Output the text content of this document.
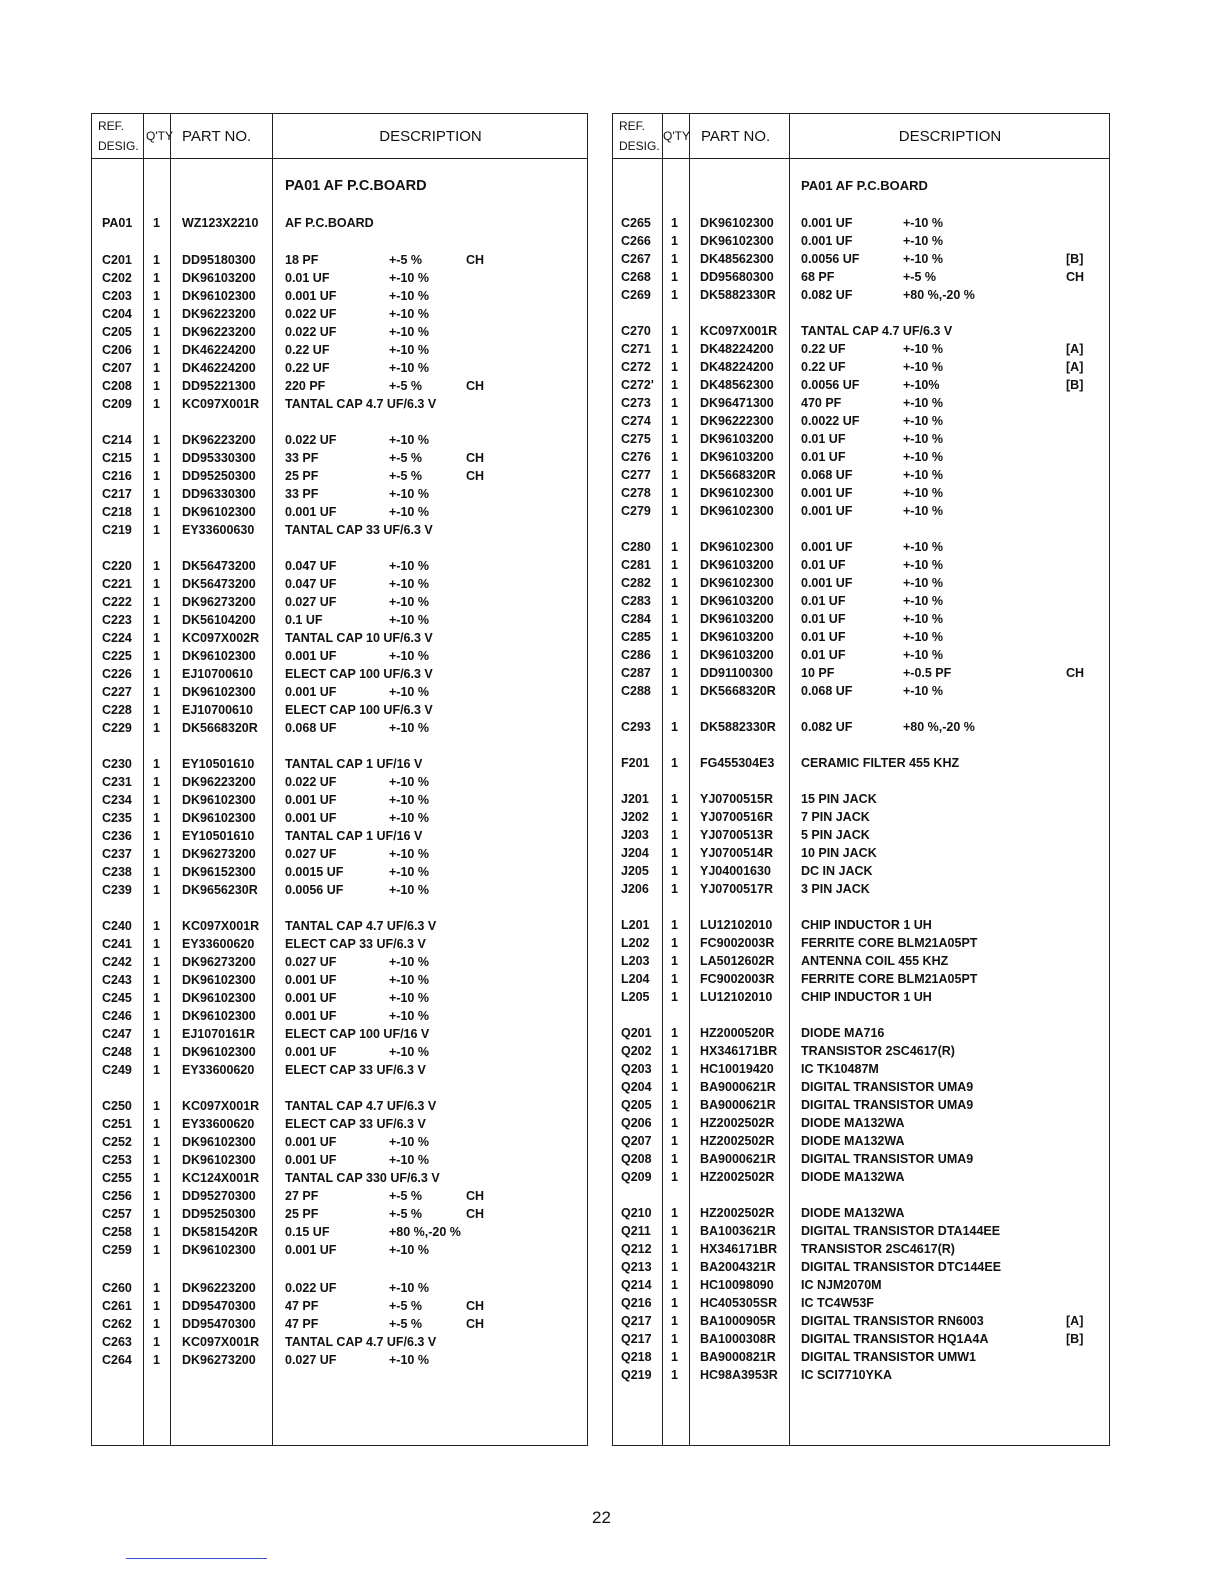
REF.
DESIG.
Q'TY PART NO.	DESCRIPTION
PA01 AF P.C.BOARD
PA01 1 WZ123X2210 AF P.C.BOARD
C201 1 DD95180300 18 PF	+-5 %	CH
C202 1 DK96103200 0.01 UF	+-10 %
C203 1 DK96102300 0.001 UF	+-10 %
C204 1 DK96223200 0.022 UF	+-10 %
C205 1 DK96223200 0.022 UF	+-10 %
C206 1 DK46224200 0.22 UF	+-10 %
C207 1 DK46224200 0.22 UF	+-10 %
C208 1 DD95221300 220 PF	+-5 %	CH
C209 1 KC097X001R TANTAL CAP 4.7 UF/6.3 V
C214 1 DK96223200 0.022 UF	+-10 %
C215 1 DD95330300 33 PF	+-5 %	CH
C216 1 DD95250300 25 PF	+-5 %	CH
C217 1 DD96330300 33 PF	+-10 %
C218 1 DK96102300 0.001 UF	+-10 %
C219 1 EY33600630 TANTAL CAP 33 UF/6.3 V
C220 1 DK56473200 0.047 UF	+-10 %
C221 1 DK56473200 0.047 UF	+-10 %
C222 1 DK96273200 0.027 UF	+-10 %
C223 1 DK56104200 0.1 UF	+-10 %
C224 1 KC097X002R TANTAL CAP 10 UF/6.3 V
C225 1 DK96102300 0.001 UF	+-10 %
C226 1 EJ10700610	ELECT CAP 100 UF/6.3 V
C227 1 DK96102300 0.001 UF	+-10 %
C228 1 EJ10700610	ELECT CAP 100 UF/6.3 V
C229 1 DK5668320R 0.068 UF	+-10 %
C230 1 EY10501610 TANTAL CAP 1 UF/16 V
C231 1 DK96223200 0.022 UF	+-10 %
C234 1 DK96102300 0.001 UF	+-10 %
C235 1 DK96102300 0.001 UF	+-10 %
C236 1 EY10501610 TANTAL CAP 1 UF/16 V
C237 1 DK96273200 0.027 UF	+-10 %
C238 1 DK96152300 0.0015 UF	+-10 %
C239 1 DK9656230R 0.0056 UF	+-10 %
C240 1 KC097X001R TANTAL CAP 4.7 UF/6.3 V
C241 1 EY33600620 ELECT CAP 33 UF/6.3 V
C242 1 DK96273200 0.027 UF	+-10 %
C243 1 DK96102300 0.001 UF	+-10 %
C245 1 DK96102300 0.001 UF	+-10 %
C246 1 DK96102300 0.001 UF	+-10 %
C247 1 EJ1070161R ELECT CAP 100 UF/16 V
C248 1 DK96102300 0.001 UF	+-10 %
C249 1 EY33600620 ELECT CAP 33 UF/6.3 V
C250 1 KC097X001R TANTAL CAP 4.7 UF/6.3 V
C251 1 EY33600620 ELECT CAP 33 UF/6.3 V
C252 1 DK96102300 0.001 UF	+-10 %
C253 1 DK96102300 0.001 UF	+-10 %
C255 1 KC124X001R TANTAL CAP 330 UF/6.3 V
C256 1 DD95270300 27 PF	+-5 %	CH
C257 1 DD95250300 25 PF	+-5 %	CH
C258 1 DK5815420R 0.15 UF	+80 %,-20 %
C259 1 DK96102300 0.001 UF	+-10 %
C260 1 DK96223200 0.022 UF	+-10 %
C261 1 DD95470300 47 PF	+-5 %	CH
C262 1 DD95470300 47 PF	+-5 %	CH
C263 1 KC097X001R TANTAL CAP 4.7 UF/6.3 V
C264 1 DK96273200 0.027 UF	+-10 %
REF.
DESIG.
Q'TY PART NO.	DESCRIPTION
PA01 AF P.C.BOARD
C265 1 DK96102300 0.001 UF	+-10 %
C266 1 DK96102300 0.001 UF	+-10 %
C267 1 DK48562300 0.0056 UF	+-10 %	[B]
C268 1 DD95680300 68 PF	+-5 %	CH
C269 1 DK5882330R 0.082 UF	+80 %,-20 %
C270 1 KC097X001R TANTAL CAP 4.7 UF/6.3 V
C271 1 DK48224200 0.22 UF	+-10 %	[A]
C272 1 DK48224200 0.22 UF	+-10 %	[A]
C272' 1 DK48562300 0.0056 UF	+-10%	[B]
C273 1 DK96471300 470 PF	+-10 %
C274 1 DK96222300 0.0022 UF	+-10 %
C275 1 DK96103200 0.01 UF	+-10 %
C276 1 DK96103200 0.01 UF	+-10 %
C277 1 DK5668320R 0.068 UF	+-10 %
C278 1 DK96102300 0.001 UF	+-10 %
C279 1 DK96102300 0.001 UF	+-10 %
C280 1 DK96102300 0.001 UF	+-10 %
C281 1 DK96103200 0.01 UF	+-10 %
C282 1 DK96102300 0.001 UF	+-10 %
C283 1 DK96103200 0.01 UF	+-10 %
C284 1 DK96103200 0.01 UF	+-10 %
C285 1 DK96103200 0.01 UF	+-10 %
C286 1 DK96103200 0.01 UF	+-10 %
C287 1 DD91100300 10 PF	+-0.5 PF	CH
C288 1 DK5668320R 0.068 UF	+-10 %
C293 1 DK5882330R 0.082 UF	+80 %,-20 %
F201 1 FG455304E3 CERAMIC FILTER 455 KHZ
J201 1 YJ0700515R 15 PIN JACK
J202 1 YJ0700516R 7 PIN JACK
J203 1 YJ0700513R 5 PIN JACK
J204 1 YJ0700514R 10 PIN JACK
J205 1 YJ04001630 DC IN JACK
J206 1 YJ0700517R 3 PIN JACK
L201 1 LU12102010 CHIP INDUCTOR 1 UH
L202 1 FC9002003R FERRITE CORE BLM21A05PT
L203 1 LA5012602R ANTENNA COIL 455 KHZ
L204 1 FC9002003R FERRITE CORE BLM21A05PT
L205 1 LU12102010 CHIP INDUCTOR 1 UH
Q201 1 HZ2000520R DIODE MA716
Q202 1 HX346171BR TRANSISTOR 2SC4617(R)
Q203 1 HC10019420 IC TK10487M
Q204 1 BA9000621R DIGITAL TRANSISTOR UMA9
Q205 1 BA9000621R DIGITAL TRANSISTOR UMA9
Q206 1 HZ2002502R DIODE MA132WA
Q207 1 HZ2002502R DIODE MA132WA
Q208 1 BA9000621R DIGITAL TRANSISTOR UMA9
Q209 1 HZ2002502R DIODE MA132WA
Q210 1 HZ2002502R DIODE MA132WA
Q211 1 BA1003621R DIGITAL TRANSISTOR DTA144EE
Q212 1 HX346171BR TRANSISTOR 2SC4617(R)
Q213 1 BA2004321R DIGITAL TRANSISTOR DTC144EE
Q214 1 HC10098090 IC NJM2070M
Q216 1 HC405305SR IC TC4W53F
Q217 1 BA1000905R DIGITAL TRANSISTOR RN6003	[A]
Q217 1 BA1000308R DIGITAL TRANSISTOR HQ1A4A	[B]
Q218 1 BA9000821R DIGITAL TRANSISTOR UMW1
Q219 1 HC98A3953R IC SCI7710YKA
22
